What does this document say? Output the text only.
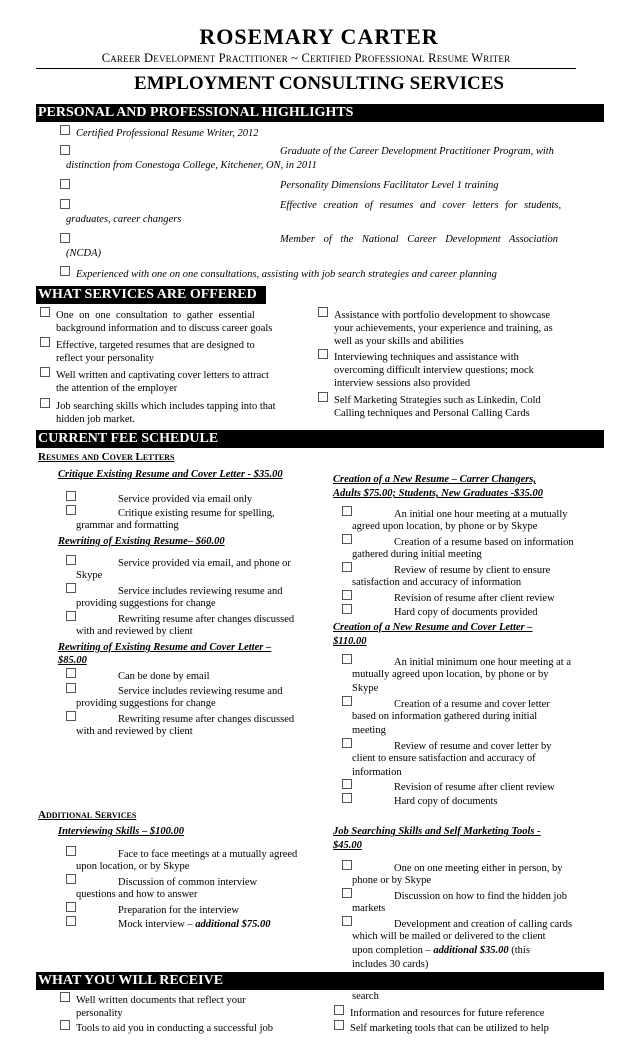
ROSEMARY CARTER
Career Development Practitioner ~ Certified Professional Resume Writer
EMPLOYMENT CONSULTING SERVICES
PERSONAL AND PROFESSIONAL HIGHLIGHTS
Certified Professional Resume Writer, 2012
Graduate of the Career Development Practitioner Program, with
distinction from Conestoga College, Kitchener, ON, in 2011
Personality Dimensions Facilitator Level 1 training
Effective creation of resumes and cover letters for students,
graduates, career changers
Member of the National Career Development Association
(NCDA)
Experienced with one on one consultations, assisting with job search strategies and career planning
WHAT SERVICES ARE OFFERED
One on one consultation to gather essential
background information and to discuss career goals
Effective, targeted resumes that are designed to
reflect your personality
Well written and captivating cover letters to attract
the attention of the employer
Job searching skills which includes tapping into that
hidden job market.
Assistance with portfolio development to showcase
your achievements, your experience and training, as
well as your skills and abilities
Interviewing techniques and assistance with
overcoming difficult interview questions; mock
interview sessions also provided
Self Marketing Strategies such as Linkedin, Cold
Calling techniques and Personal Calling Cards
CURRENT FEE SCHEDULE
Resumes and Cover Letters
Critique Existing Resume and Cover Letter - $35.00
Service provided via email only
Critique existing resume for spelling,
grammar and formatting
Rewriting of Existing Resume– $60.00
Service provided via email, and phone or
Skype
Service includes reviewing resume and
providing suggestions for change
Rewriting resume after changes discussed
with and reviewed by client
Rewriting of Existing Resume and Cover Letter –
$85.00
Can be done by email
Service includes reviewing resume and
providing suggestions for change
Rewriting resume after changes discussed
with and reviewed by client
Creation of a New Resume – Carrer Changers,
Adults $75.00; Students, New Graduates -$35.00
An initial one hour meeting at a mutually
agreed upon location, by phone or by Skype
Creation of a resume based on information
gathered during initial meeting
Review of resume by client to ensure
satisfaction and accuracy of information
Revision of resume after client review
Hard copy of documents provided
Creation of a New Resume and Cover Letter –
$110.00
An initial minimum one hour meeting at a
mutually agreed upon location, by phone or by
Skype
Creation of a resume and cover letter
based on information gathered during initial
meeting
Review of resume and cover letter by
client to ensure satisfaction and accuracy of
information
Revision of resume after client review
Hard copy of documents
Additional Services
Interviewing Skills – $100.00
Face to face meetings at a mutually agreed
upon location, or by Skype
Discussion of common interview
questions and how to answer
Preparation for the interview
Mock interview – additional $75.00
Job Searching Skills and Self Marketing Tools -
$45.00
One on one meeting either in person, by
phone or by Skype
Discussion on how to find the hidden job
markets
Development and creation of calling cards
which will be mailed or delivered to the client
upon completion – additional $35.00 (this
includes 30 cards)
WHAT YOU WILL RECEIVE
Well written documents that reflect your
personality
Tools to aid you in conducting a successful job
search
Information and resources for future reference
Self marketing tools that can be utilized to help
